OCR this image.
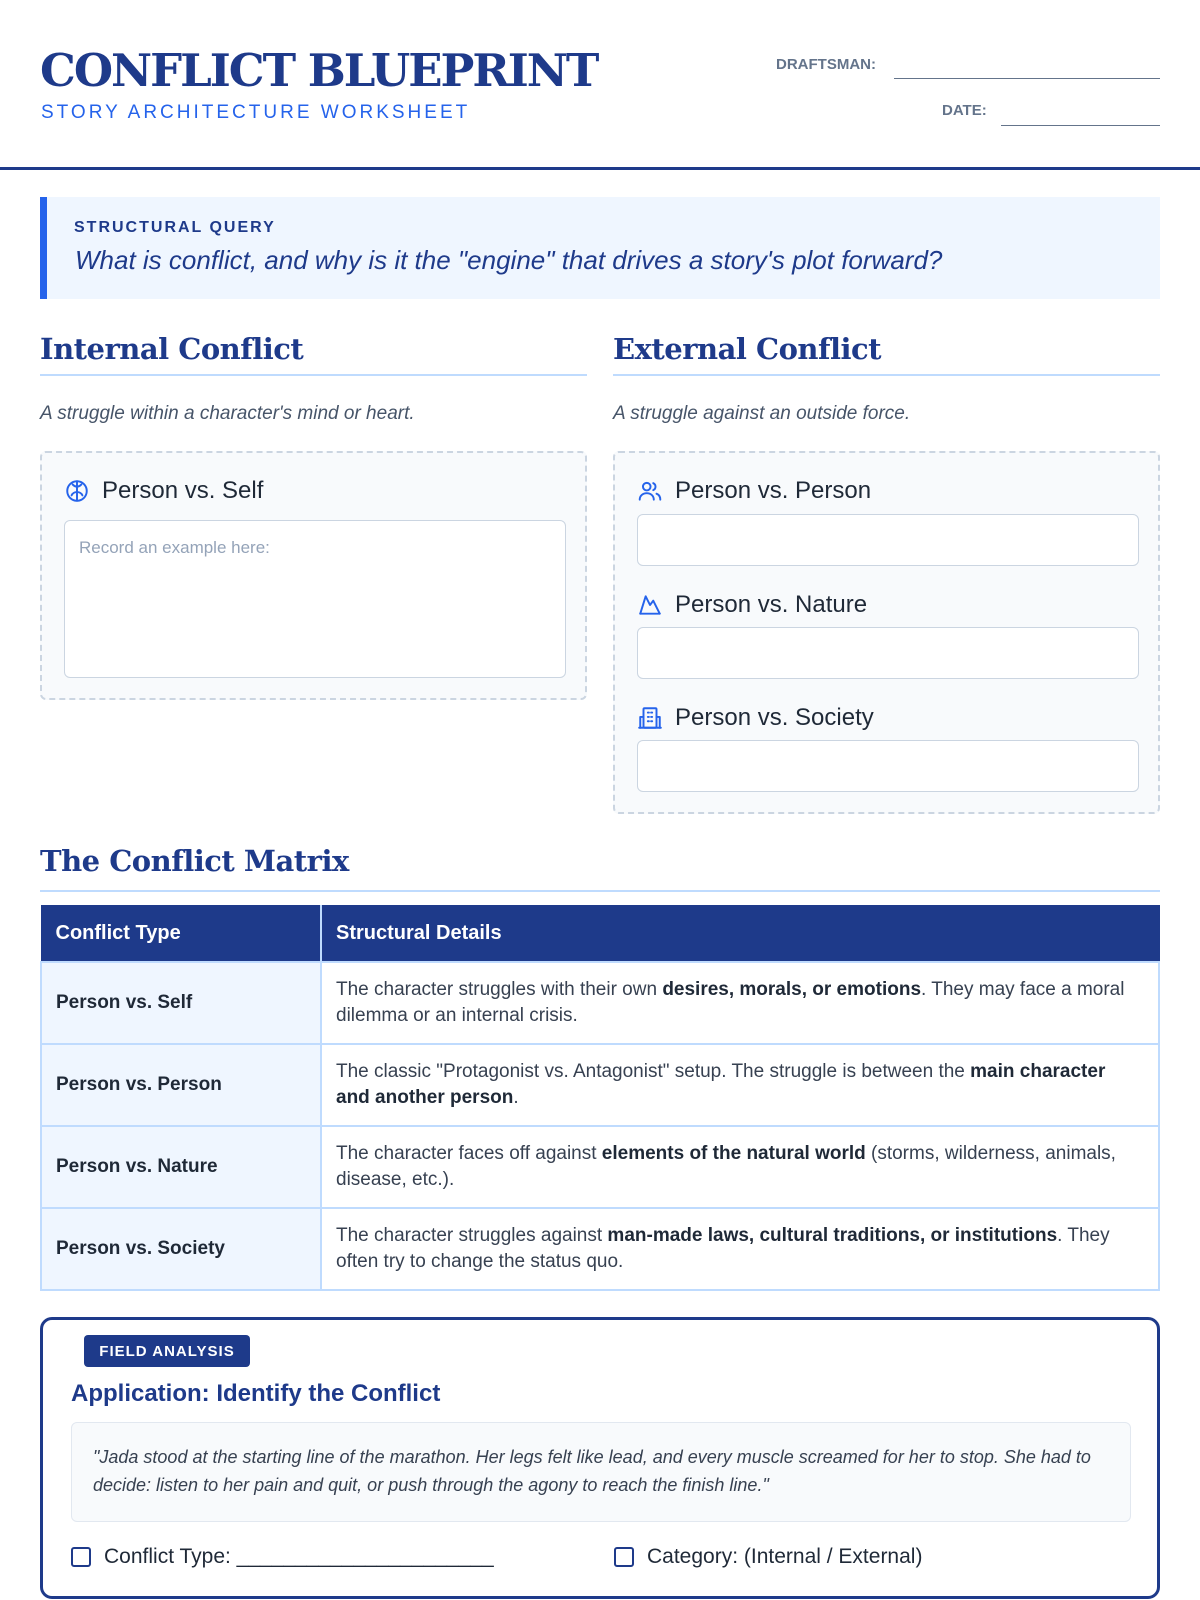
CONFLICT BLUEPRINT
STORY ARCHITECTURE WORKSHEET
DRAFTSMAN:
DATE:
STRUCTURAL QUERY
What is conflict, and why is it the "engine" that drives a story's plot forward?
Internal Conflict
A struggle within a character's mind or heart.
Person vs. Self
Record an example here:
External Conflict
A struggle against an outside force.
Person vs. Person
Person vs. Nature
Person vs. Society
The Conflict Matrix
Conflict Type	Structural Details
Person vs. Self	The character struggles with their own desires, morals, or emotions. They may face a moral dilemma or an internal crisis.
Person vs. Person	The classic "Protagonist vs. Antagonist" setup. The struggle is between the main character and another person.
Person vs. Nature	The character faces off against elements of the natural world (storms, wilderness, animals, disease, etc.).
Person vs. Society	The character struggles against man-made laws, cultural traditions, or institutions. They often try to change the status quo.
FIELD ANALYSIS
Application: Identify the Conflict
"Jada stood at the starting line of the marathon. Her legs felt like lead, and every muscle screamed for her to stop. She had to decide: listen to her pain and quit, or push through the agony to reach the finish line."
Conflict Type: ______________________	Category: (Internal / External)
